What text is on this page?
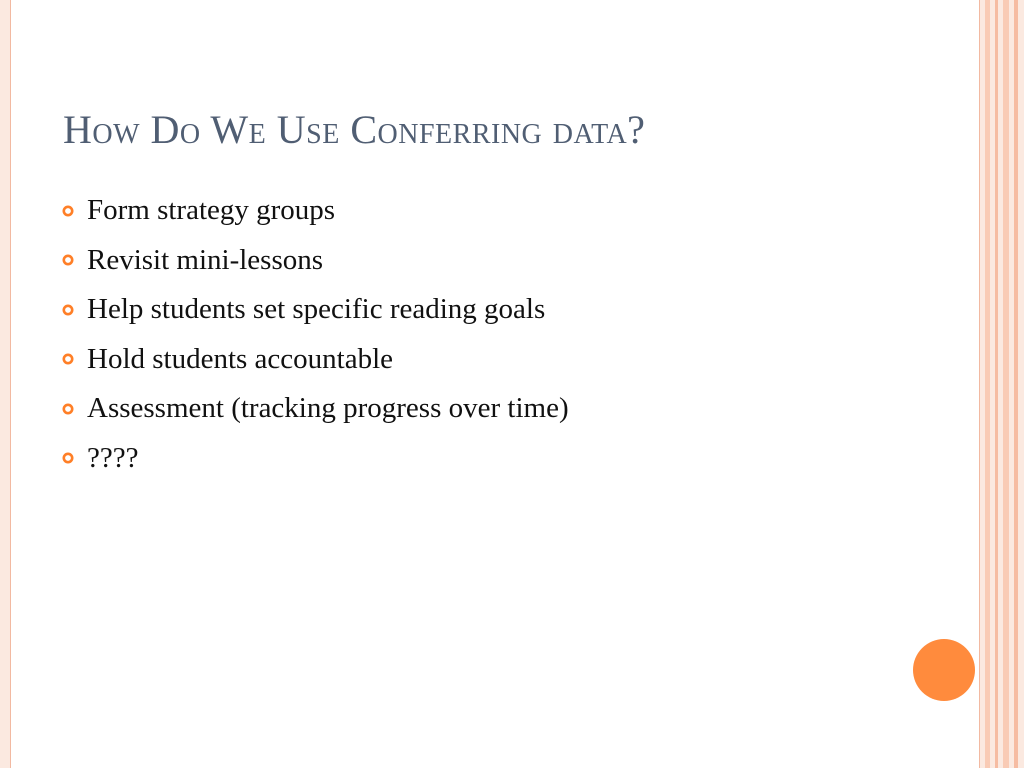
How Do We Use Conferring data?
Form strategy groups
Revisit mini-lessons
Help students set specific reading goals
Hold students accountable
Assessment (tracking progress over time)
????
